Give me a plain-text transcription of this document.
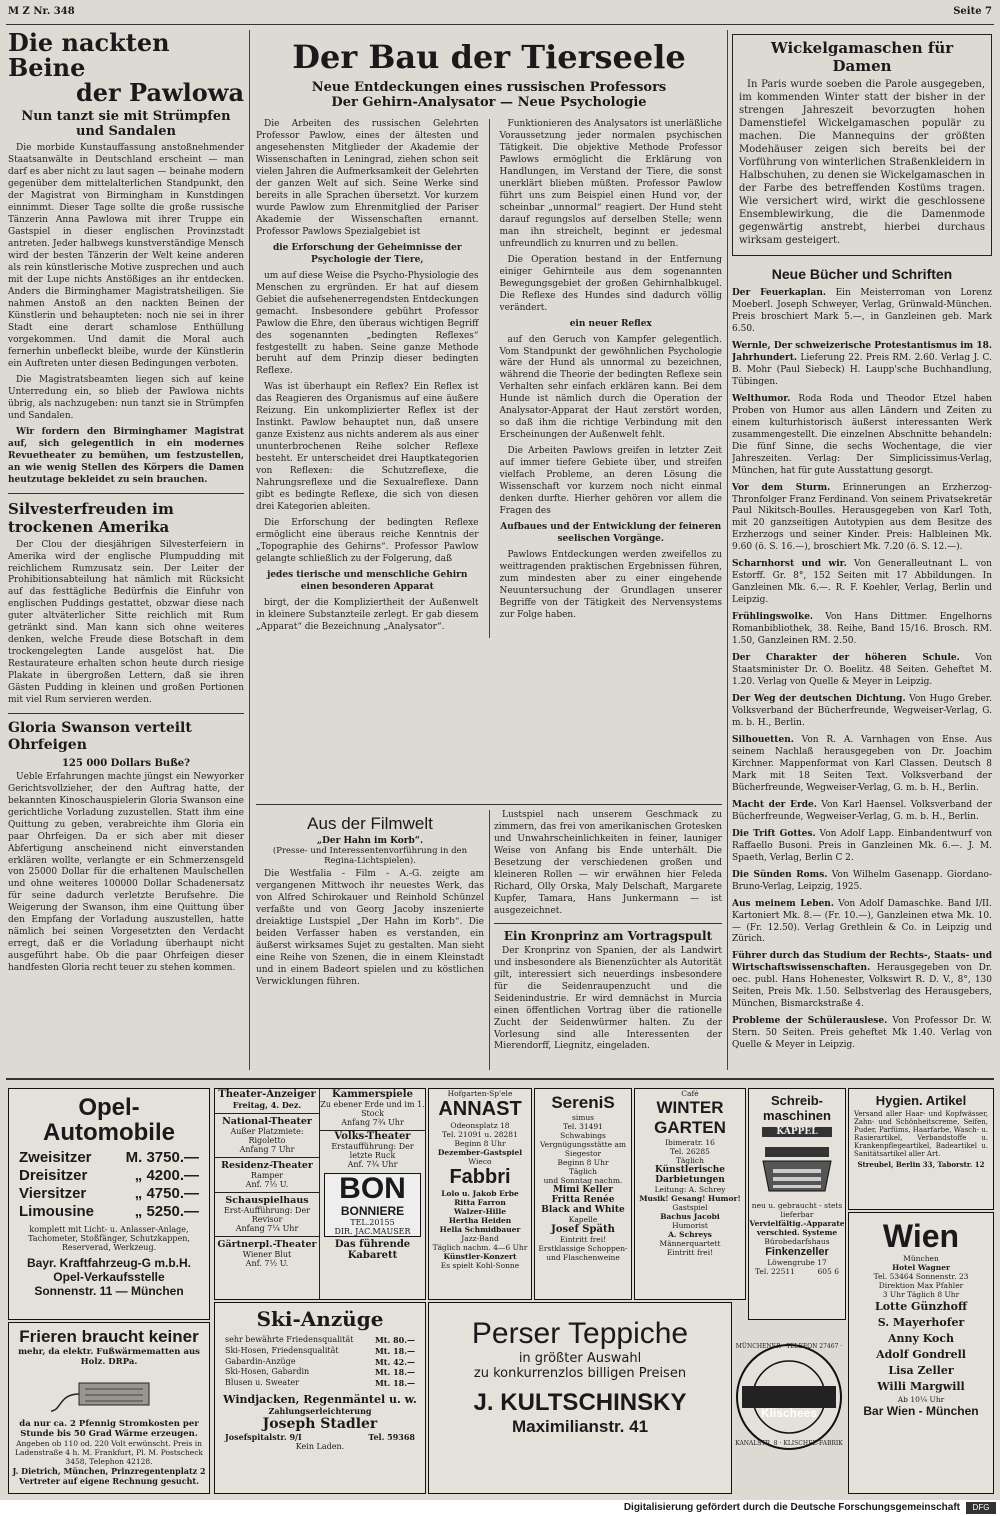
M Z Nr. 348	Seite 7
Die nackten Beine
der Pawlowa
Nun tanzt sie mit Strümpfen und Sandalen

Die morbide Kunstauffassung anstoßnehmender Staatsanwälte in Deutschland erscheint — man darf es aber nicht zu laut sagen — beinahe modern gegenüber dem mittelalterlichen Standpunkt, den der Magistrat von Birmingham in Kunstdingen einnimmt. Dieser Tage sollte die große russische Tänzerin Anna Pawlowa mit ihrer Truppe ein Gastspiel in dieser englischen Provinzstadt antreten. Jeder halbwegs kunstverständige Mensch wird der besten Tänzerin der Welt keine anderen als rein künstlerische Motive zusprechen und auch mit der Lupe nichts Anstößiges an ihr entdecken. Anders die Birminghamer Magistratsheiligen. Sie nahmen Anstoß an den nackten Beinen der Künstlerin und behaupteten: noch nie sei in ihrer Stadt eine derart schamlose Enthüllung vorgekommen. Und damit die Moral auch fernerhin unbefleckt bleibe, wurde der Künstlerin ein Auftreten unter diesen Bedingungen verboten.

Die Magistratsbeamten liegen sich auf keine Unterredung ein, so blieb der Pawlowa nichts übrig, als nachzugeben: nun tanzt sie in Strümpfen und Sandalen.

Wir fordern den Birminghamer Magistrat auf, sich gelegentlich in ein modernes Revuetheater zu bemühen, um festzustellen, an wie wenig Stellen des Körpers die Damen heutzutage bekleidet zu sein brauchen.

Silvesterfreuden im trockenen Amerika

Der Clou der diesjährigen Silvesterfeiern in Amerika wird der englische Plumpudding mit reichlichem Rumzusatz sein. Der Leiter der Prohibitionsabteilung hat nämlich mit Rücksicht auf das festtägliche Bedürfnis die Einfuhr von englischen Puddings gestattet, obzwar diese nach guter altväterlicher Sitte reichlich mit Rum getränkt sind. Man kann sich ohne weiteres denken, welche Freude diese Botschaft in dem trockengelegten Lande ausgelöst hat. Die Restaurateure erhalten schon heute durch riesige Plakate in übergroßen Lettern, daß sie ihren Gästen Pudding in kleinen und großen Portionen mit viel Rum servieren werden.

Gloria Swanson verteilt Ohrfeigen
125 000 Dollars Buße?

Ueble Erfahrungen machte jüngst ein Newyorker Gerichtsvollzieher, der den Auftrag hatte, der bekannten Kinoschauspielerin Gloria Swanson eine gerichtliche Vorladung zuzustellen. Statt ihm eine Quittung zu geben, verabreichte ihm Gloria ein paar Ohrfeigen. Da er sich aber mit dieser Abfertigung anscheinend nicht einverstanden erklären wollte, verlangte er ein Schmerzensgeld von 25000 Dollar für die erhaltenen Maulschellen und ohne weiteres 100000 Dollar Schadenersatz für seine dadurch verletzte Berufsehre. Die Weigerung der Swanson, ihm eine Quittung über den Empfang der Vorladung auszustellen, hatte nämlich bei seinen Vorgesetzten den Verdacht erregt, daß er die Vorladung überhaupt nicht ausgeführt habe. Ob die paar Ohrfeigen dieser handfesten Gloria recht teuer zu stehen kommen.

Der Bau der Tierseele
Neue Entdeckungen eines russischen Professors
Der Gehirn-Analysator — Neue Psychologie

Die Arbeiten des russischen Gelehrten Professor Pawlow, eines der ältesten und angesehensten Mitglieder der Akademie der Wissenschaften in Leningrad, ziehen schon seit vielen Jahren die Aufmerksamkeit der Gelehrten der ganzen Welt auf sich. Seine Werke sind bereits in alle Sprachen übersetzt. Vor kurzem wurde Pawlow zum Ehrenmitglied der Pariser Akademie der Wissenschaften ernannt. Professor Pawlows Spezialgebiet ist

die Erforschung der Geheimnisse der Psychologie der Tiere,

um auf diese Weise die Psycho-Physiologie des Menschen zu ergründen. Er hat auf diesem Gebiet die aufsehenerregendsten Entdeckungen gemacht. Insbesondere gebührt Professor Pawlow die Ehre, den überaus wichtigen Begriff des sogenannten „bedingten Reflexes“ festgestellt zu haben. Seine ganze Methode beruht auf dem Prinzip dieser bedingten Reflexe.

Was ist überhaupt ein Reflex? Ein Reflex ist das Reagieren des Organismus auf eine äußere Reizung. Ein unkomplizierter Reflex ist der Instinkt. Pawlow behauptet nun, daß unsere ganze Existenz aus nichts anderem als aus einer ununterbrochenen Reihe solcher Reflexe besteht. Er unterscheidet drei Hauptkategorien von Reflexen: die Schutzreflexe, die Nahrungsreflexe und die Sexualreflexe. Dann gibt es bedingte Reflexe, die sich von diesen drei Kategorien ableiten.

Die Erforschung der bedingten Reflexe ermöglicht eine überaus reiche Kenntnis der „Topographie des Gehirns“. Professor Pawlow gelangte schließlich zu der Folgerung, daß

jedes tierische und menschliche Gehirn einen besonderen Apparat

birgt, der die Kompliziertheit der Außenwelt in kleinere Substanzteile zerlegt. Er gab diesem „Apparat“ die Bezeichnung „Analysator“.

Funktionieren des Analysators ist unerläßliche Voraussetzung jeder normalen psychischen Tätigkeit. Die objektive Methode Professor Pawlows ermöglicht die Erklärung von Handlungen, im Verstand der Tiere, die sonst unerklärt blieben müßten. Professor Pawlow führt uns zum Beispiel einen Hund vor, der scheinbar „unnormal“ reagiert. Der Hund steht darauf regungslos auf derselben Stelle; wenn man ihn streichelt, beginnt er jedesmal unfreundlich zu knurren und zu bellen.

Die Operation bestand in der Entfernung einiger Gehirnteile aus dem sogenannten Bewegungsgebiet der großen Gehirnhalbkugel. Die Reflexe des Hundes sind dadurch völlig verändert.

ein neuer Reflex

auf den Geruch von Kampfer gelegentlich. Vom Standpunkt der gewöhnlichen Psychologie wäre der Hund als unnormal zu bezeichnen, während die Theorie der bedingten Reflexe sein Verhalten sehr einfach erklären kann. Bei dem Hunde ist nämlich durch die Operation der Analysator-Apparat der Haut zerstört worden, so daß ihm die richtige Verbindung mit den Erscheinungen der Außenwelt fehlt.

Die Arbeiten Pawlows greifen in letzter Zeit auf immer tiefere Gebiete über, und streifen vielfach Probleme, an deren Lösung die Wissenschaft vor kurzem noch nicht einmal denken durfte. Hierher gehören vor allem die Fragen des

Aufbaues und der Entwicklung der feineren seelischen Vorgänge.

Pawlows Entdeckungen werden zweifellos zu weittragenden praktischen Ergebnissen führen, zum mindesten aber zu einer eingehende Neuuntersuchung der Grundlagen unserer Begriffe von der Tätigkeit des Nervensystems zur Folge haben.

Aus der Filmwelt
„Der Hahn im Korb“.
(Presse- und Interessentenvorführung in den Regina-Lichtspielen).

Die Westfalia - Film - A.-G. zeigte am vergangenen Mittwoch ihr neuestes Werk, das von Alfred Schirokauer und Reinhold Schünzel verfaßte und von Georg Jacoby inszenierte dreiaktige Lustspiel „Der Hahn im Korb“. Die beiden Verfasser haben es verstanden, ein äußerst wirksames Sujet zu gestalten. Man sieht eine Reihe von Szenen, die in einem Kleinstadt und in einem Badeort spielen und zu köstlichen Verwicklungen führen.

Lustspiel nach unserem Geschmack zu zimmern, das frei von amerikanischen Grotesken und Unwahrscheinlichkeiten in feiner, launiger Weise von Anfang bis Ende unterhält. Die Besetzung der verschiedenen großen und kleineren Rollen — wir erwähnen hier Feleda Richard, Olly Orska, Maly Delschaft, Margarete Kupfer, Tamara, Hans Junkermann — ist ausgezeichnet.

Ein Kronprinz am Vortragspult

Der Kronprinz von Spanien, der als Landwirt und insbesondere als Bienenzüchter als Autorität gilt, interessiert sich neuerdings insbesondere für die Seidenraupenzucht und die Seidenindustrie. Er wird demnächst in Murcia einen öffentlichen Vortrag über die rationelle Zucht der Seidenwürmer halten. Zu der Vorlesung sind alle Interessenten der Mierendorff, Liegnitz, eingeladen.

Wickelgamaschen für Damen

In Paris wurde soeben die Parole ausgegeben, im kommenden Winter statt der bisher in der strengen Jahreszeit bevorzugten hohen Damenstiefel Wickelgamaschen populär zu machen. Die Mannequins der größten Modehäuser zeigen sich bereits bei der Vorführung von winterlichen Straßenkleidern in Halbschuhen, zu denen sie Wickelgamaschen in der Farbe des betreffenden Kostüms tragen. Wie versichert wird, wirkt die geschlossene Ensemblewirkung, die die Damenmode gegenwärtig anstrebt, hierbei durchaus wirksam gesteigert.

Neue Bücher und Schriften
Der Feuerkaplan. Ein Meisterroman von Lorenz Moeberl. Joseph Schweyer, Verlag, Grünwald-München. Preis broschiert Mark 5.—, in Ganzleinen geb. Mark 6.50.
Wernle, Der schweizerische Protestantismus im 18. Jahrhundert. Lieferung 22. Preis RM. 2.60. Verlag J. C. B. Mohr (Paul Siebeck) H. Laupp'sche Buchhandlung, Tübingen.
Welthumor. Roda Roda und Theodor Etzel haben Proben von Humor aus allen Ländern und Zeiten zu einem kulturhistorisch äußerst interessanten Werk zusammengestellt. Die einzelnen Abschnitte behandeln: Die fünf Sinne, die sechs Wochentage, die vier Jahreszeiten. Verlag: Der Simplicissimus-Verlag, München, hat für gute Ausstattung gesorgt.
Vor dem Sturm. Erinnerungen an Erzherzog-Thronfolger Franz Ferdinand. Von seinem Privatsekretär Paul Nikitsch-Boulles. Herausgegeben von Karl Toth, mit 20 ganzseitigen Autotypien aus dem Besitze des Erzherzogs und seiner Kinder. Preis: Halbleinen Mk. 9.60 (ö. S. 16.—), broschiert Mk. 7.20 (ö. S. 12.—).
Scharnhorst und wir. Von Generalleutnant L. von Estorff. Gr. 8°, 152 Seiten mit 17 Abbildungen. In Ganzleinen Mk. 6.—. R. F. Koehler, Verlag, Berlin und Leipzig.
Frühlingswolke. Von Hans Dittmer. Engelhorns Romanbibliothek, 38. Reihe, Band 15/16. Brosch. RM. 1.50, Ganzleinen RM. 2.50.
Der Charakter der höheren Schule. Von Staatsminister Dr. O. Boelitz. 48 Seiten. Geheftet M. 1.20. Verlag von Quelle & Meyer in Leipzig.
Der Weg der deutschen Dichtung. Von Hugo Greber. Volksverband der Bücherfreunde, Wegweiser-Verlag, G. m. b. H., Berlin.
Silhouetten. Von R. A. Varnhagen von Ense. Aus seinem Nachlaß herausgegeben von Dr. Joachim Kirchner. Mappenformat von Karl Classen. Deutsch 8 Mark mit 18 Seiten Text. Volksverband der Bücherfreunde, Wegweiser-Verlag, G. m. b. H., Berlin.
Macht der Erde. Von Karl Haensel. Volksverband der Bücherfreunde, Wegweiser-Verlag, G. m. b. H., Berlin.
Die Trift Gottes. Von Adolf Lapp. Einbandentwurf von Raffaello Busoni. Preis in Ganzleinen Mk. 6.—. J. M. Spaeth, Verlag, Berlin C 2.
Die Sünden Roms. Von Wilhelm Gasenapp. Giordano-Bruno-Verlag, Leipzig, 1925.
Aus meinem Leben. Von Adolf Damaschke. Band I/II. Kartoniert Mk. 8.— (Fr. 10.—), Ganzleinen etwa Mk. 10.— (Fr. 12.50). Verlag Grethlein & Co. in Leipzig und Zürich.
Führer durch das Studium der Rechts-, Staats- und Wirtschaftswissenschaften. Herausgegeben von Dr. oec. publ. Hans Hohenester, Volkswirt R. D. V., 8°, 130 Seiten, Preis Mk. 1.50. Selbstverlag des Herausgebers, München, Bismarckstraße 4.
Probleme der Schülerauslese. Von Professor Dr. W. Stern. 50 Seiten. Preis geheftet Mk 1.40. Verlag von Quelle & Meyer in Leipzig.
Opel-
Automobile
Zweisitzer M. 3750.—
Dreisitzer	„ 4200.—
Viersitzer	„ 4750.—
Limousine	„ 5250.—
komplett mit Licht- u. Anlasser-Anlage, Tachometer, Stoßfänger, Schutzkappen, Reserverad, Werkzeug.
Bayr. Kraftfahrzeug-G m.b.H.
Opel-Verkaufsstelle
Sonnenstr. 11 — München
Frieren braucht keiner
mehr, da elektr. Fußwärmematten aus Holz. DRPa.
da nur ca. 2 Pfennig Stromkosten per Stunde bis 50 Grad Wärme erzeugen.
Angeben ob 110 od. 220 Volt erwünscht. Preis in Ladenstraße 4 h. M. Frankfurt, Pl. M. Postscheck 3458, Telephon 42128.
J. Dietrich, München, Prinzregentenplatz 2
Vertreter auf eigene Rechnung gesucht.
Theater-Anzeiger
Freitag, 4. Dez.
National-Theater
Außer Platzmiete: Rigoletto
Anfang 7 Uhr
Residenz-Theater
Ramper
Anf. 7½ U.
Schauspielhaus
Erst-Aufführung: Der Revisor
Anfang 7¼ Uhr
Gärtnerpl.-Theater
Wiener Blut
Anf. 7½ U.
Kammerspiele
Zu ebener Erde und im 1. Stock
Anfang 7¾ Uhr
Volks-Theater
Erstaufführung: Der letzte Ruck
Anf. 7¾ Uhr
BON
BONNIERE
TEL.20155
DIR. JAC.MAUSER
Das führende
Kabarett
Hofgarten-Sp'ele
ANNAST
Odeonsplatz 18
Tel. 21091 u. 28281
Beginn 8 Uhr
Dezember-Gastspiel
Wieco
Fabbri
Lolo u. Jakob Erbe
Ritta Farron
Walzer-Hille
Hertha Heiden
Hella Schmidbauer
Jazz-Band
Täglich nachm. 4—6 Uhr
Künstler-Konzert
Es spielt Kohl-Sonne
SereniS
simus
Tel. 31491
Schwabings Vergnügungsstätte am Siegestor
Beginn 8 Uhr
Täglich
und Sonntag nachm.
Mimi Keller
Fritta Renée
Black and White
Kapelle
Josef Späth
Eintritt frei!
Erstklassige Schoppen- und Flaschenweine
Café
WINTER
GARTEN
Ibimeratr. 16
Tel. 26285
Täglich
Künstlerische
Darbietungen
Leitung: A. Schrey
Musik! Gesang! Humor!
Gastspiel
Bachus Jacobi
Humorist
A. Schreys
Männerquartett
Eintritt frei!
Schreib-
maschinen
KAPPEL
neu u. gebraucht - stets lieferbar
Vervielfältig.-Apparate verschied. Systeme
Bürobedarfshaus
Finkenzeller
Löwengrube 17
Tel. 22511	605 6
Hygien. Artikel
Versand aller Haar- und Kopfwässer, Zahn- und Schönheitscreme, Seifen, Puder, Parfüms, Haarfarbe, Wasch- u. Rasierartikel, Verbandstoffe u. Krankenpflegeartikel, Badeartikel u. Sanitätsartikel aller Art.
Streubel, Berlin 33, Taborstr. 12
Wien
München
Hotel Wagner
Tel. 53464 Sonnenstr. 23
Direktion Max Pfahler
3 Uhr Täglich 8 Uhr
Lotte Günzhoff
S. Mayerhofer
Anny Koch
Adolf Gondrell
Lisa Zeller
Willi Margwill
Ab 10¼ Uhr
Bar Wien - München
Ski-Anzüge
sehr bewährte Friedensqualität	Mt. 80.—
Ski-Hosen, Friedensqualität	Mt. 18.—
Gabardin-Anzüge	Mt. 42.—
Ski-Hosen, Gabardin	Mt. 18.—
Blusen u. Sweater	Mt. 18.—
Windjacken, Regenmäntel u. w.
Zahlungserleichterung
Joseph Stadler
Josefspitalstr. 9/I	Tel. 59368
Kein Laden.
Perser Teppiche
in größter Auswahl
zu konkurrenzlos billigen Preisen
J. KULTSCHINSKY
Maximilianstr. 41
MÜNCHENER · TELEFON 27467 ·
Klischees
KANALSTR. 8 · KLISCHEE-FABRIK
Digitalisierung gefördert durch die Deutsche Forschungsgemeinschaft	DFG
